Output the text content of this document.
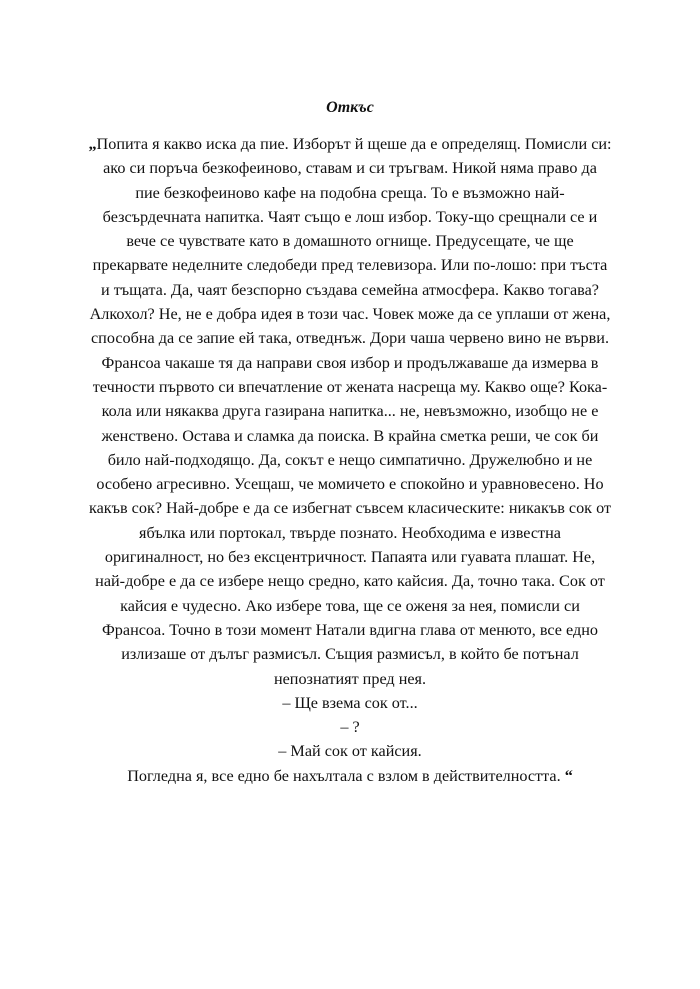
Откъс
„Попита я какво иска да пие. Изборът й щеше да е определящ. Помисли си:
ако си поръча безкофеиново, ставам и си тръгвам. Никой няма право да
пие безкофеиново кафе на подобна среща. То е възможно най-
безсърдечната напитка. Чаят също е лош избор. Току-що срещнали се и
вече се чувствате като в домашното огнище. Предусещате, че ще
прекарвате неделните следобеди пред телевизора. Или по-лошо: при тъста
и тъщата. Да, чаят безспорно създава семейна атмосфера. Какво тогава?
Алкохол? Не, не е добра идея в този час. Човек може да се уплаши от жена,
способна да се запие ей така, отведнъж. Дори чаша червено вино не върви.
Франсоа чакаше тя да направи своя избор и продължаваше да измерва в
течности първото си впечатление от жената насреща му. Какво още? Кока-
кола или някаква друга газирана напитка... не, невъзможно, изобщо не е
женствено. Остава и сламка да поиска. В крайна сметка реши, че сок би
било най-подходящо. Да, сокът е нещо симпатично. Дружелюбно и не
особено агресивно. Усещаш, че момичето е спокойно и уравновесено. Но
какъв сок? Най-добре е да се избегнат съвсем класическите: никакъв сок от
ябълка или портокал, твърде познато. Необходима е известна
оригиналност, но без ексцентричност. Папаята или гуавата плашат. Не,
най-добре е да се избере нещо средно, като кайсия. Да, точно така. Сок от
кайсия е чудесно. Ако избере това, ще се оженя за нея, помисли си
Франсоа. Точно в този момент Натали вдигна глава от менюто, все едно
излизаше от дълъг размисъл. Същия размисъл, в който бе потънал
непознатият пред нея.
– Ще взема сок от...
– ?
– Май сок от кайсия.
Погледна я, все едно бе нахълтала с взлом в действителността. “
